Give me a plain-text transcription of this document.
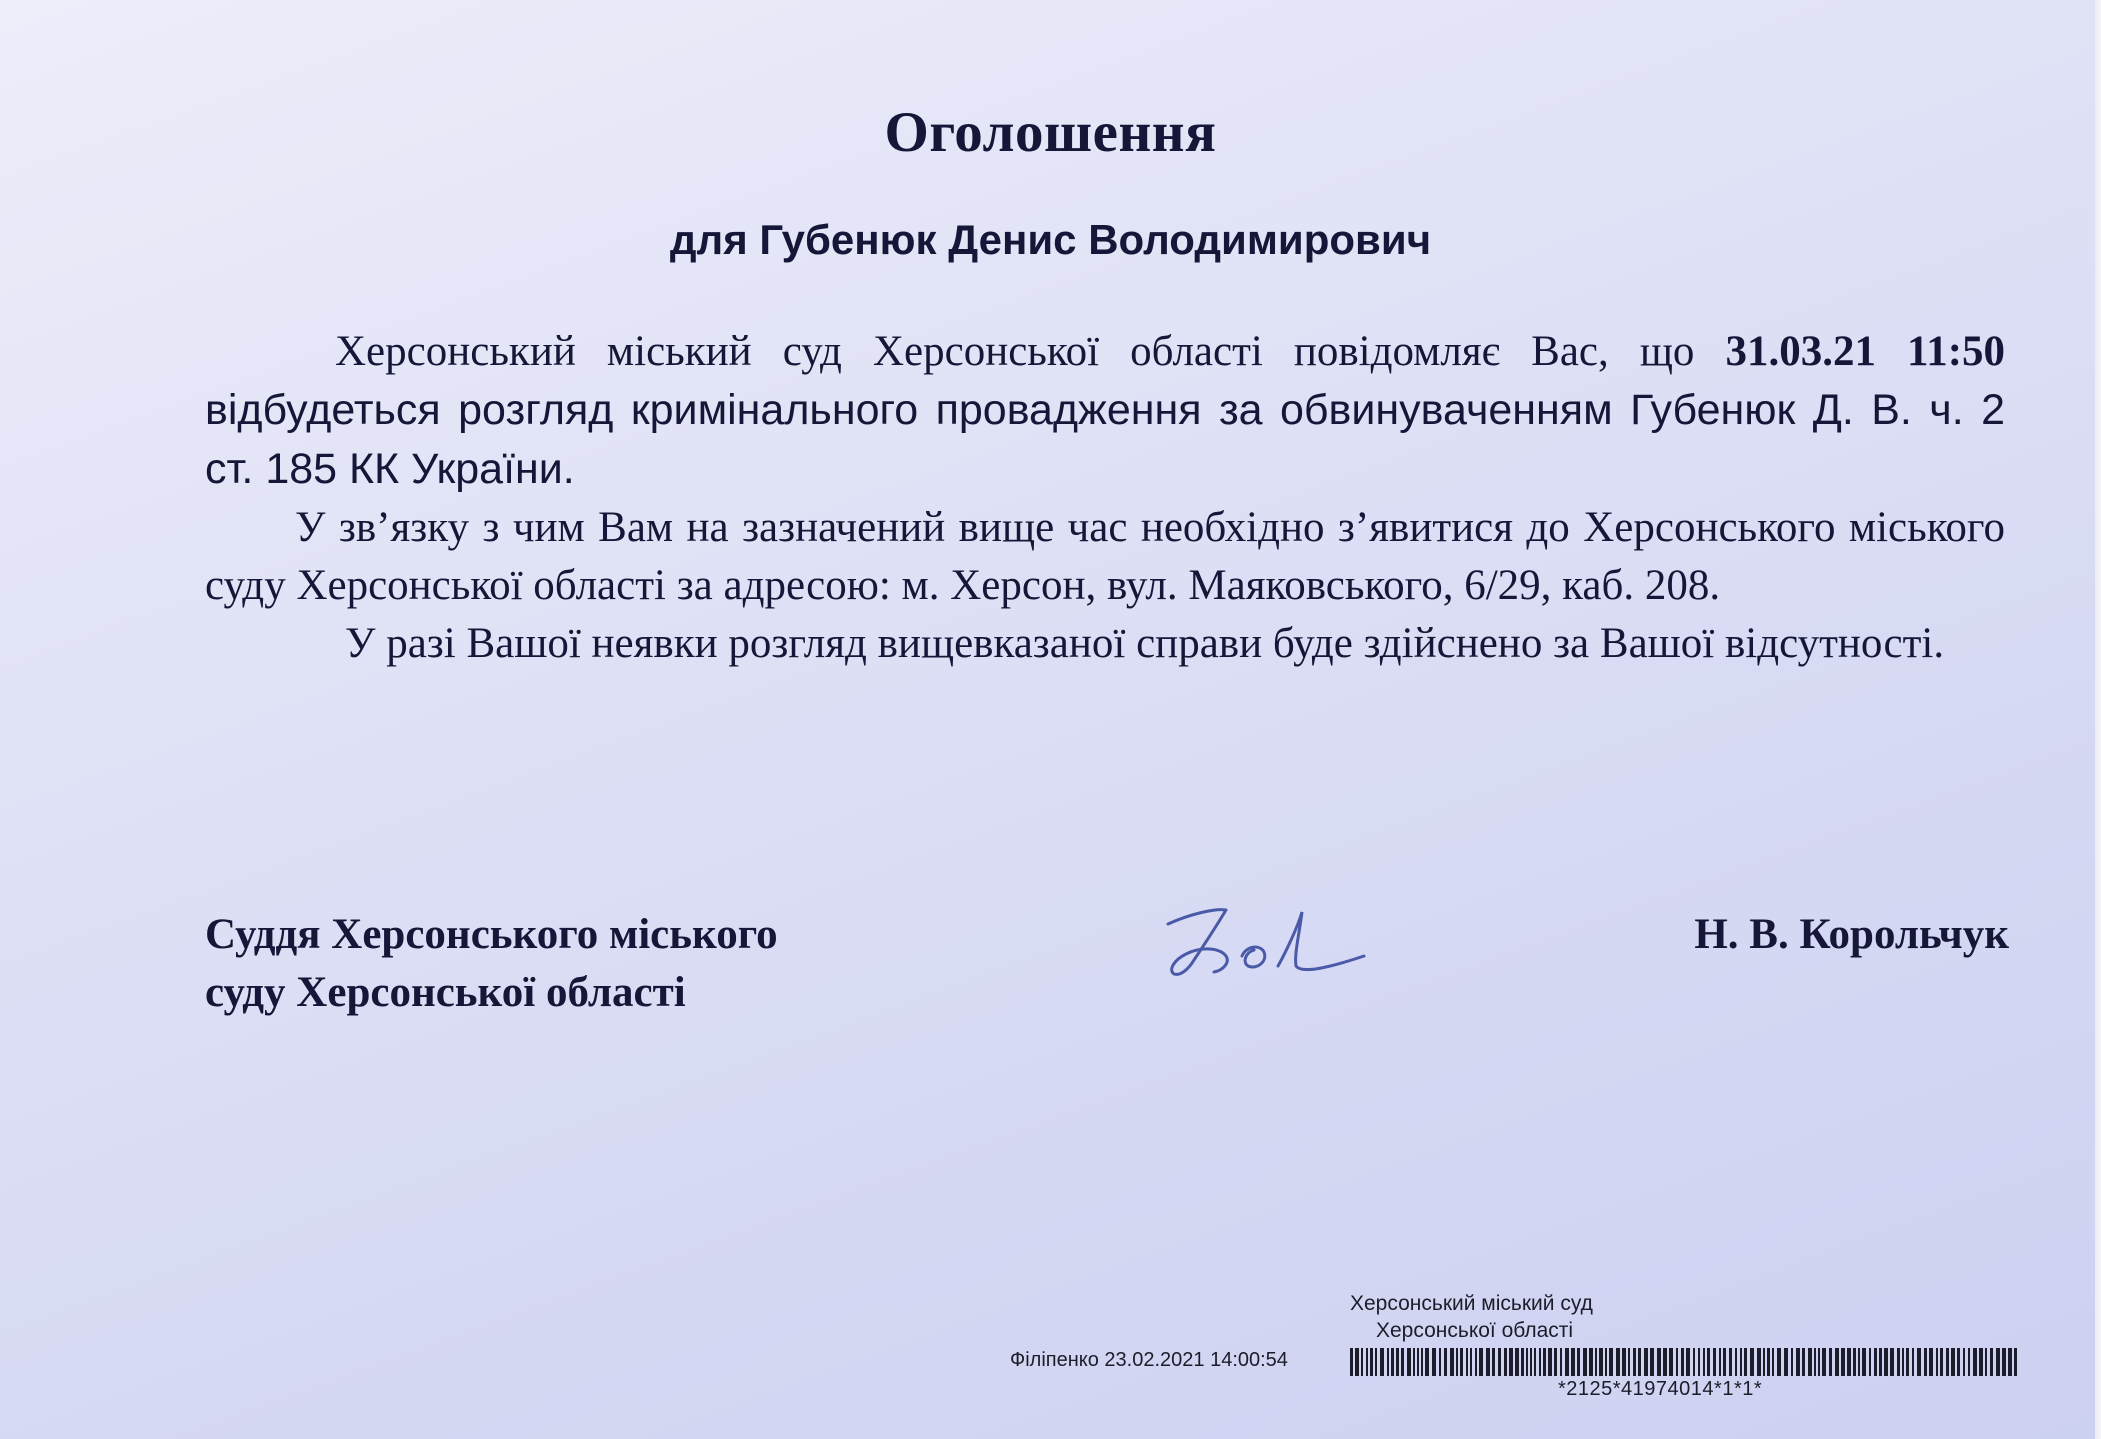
Оголошення
для Губенюк Денис Володимирович

Херсонський міський суд Херсонської області повідомляє Вас, що 31.03.21 11:50 відбудеться розгляд кримінального провадження за обвинуваченням Губенюк Д. В. ч. 2 ст. 185 КК України.

У зв’язку з чим Вам на зазначений вище час необхідно з’явитися до Херсонського міського суду Херсонської області за адресою: м. Херсон, вул. Маяковського, 6/29, каб. 208.

У разі Вашої неявки розгляд вищевказаної справи буде здійснено за Вашої відсутності.

Суддя Херсонського міського
суду Херсонської області
Н. В. Корольчук
Херсонський міський суд
Херсонської області
Філіпенко 23.02.2021 14:00:54
*2125*41974014*1*1*
